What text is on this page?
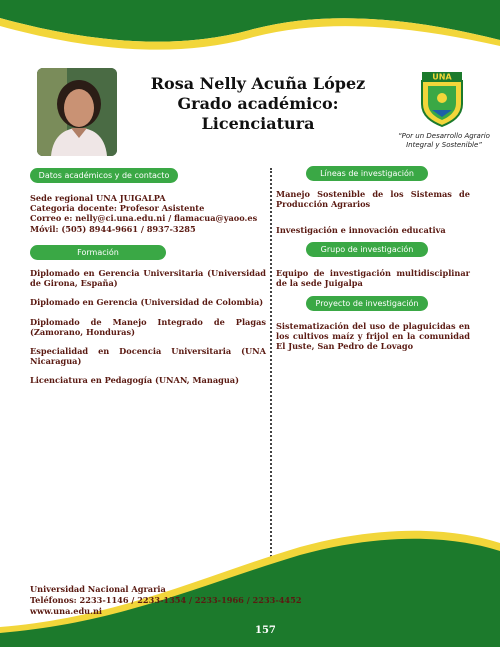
Rosa Nelly Acuña López
Grado académico: Licenciatura
UNA
“Por un Desarrollo Agrario
Integral y Sostenible”
Datos académicos y de contacto

Sede regional UNA JUIGALPA

Categoria docente: Profesor Asistente

Correo e: nelly@ci.una.edu.ni / flamacua@yaoo.es

Móvil: (505) 8944-9661 / 8937-3285

Formación

Diplomado en Gerencia Universitaria (Universidad de Girona, España)

Diplomado en Gerencia (Universidad de Colombia)

Diplomado de Manejo Integrado de Plagas (Zamorano, Honduras)

Especialidad en Docencia Universitaria (UNA Nicaragua)

Licenciatura en Pedagogía (UNAN, Managua)

Líneas de investigación

Manejo Sostenible de los Sistemas de Producción Agrarios

Investigación e innovación educativa

Grupo de investigación

Equipo de investigación multidisciplinar de la sede Juigalpa

Proyecto de investigación

Sistematización del uso de plaguicidas en los cultivos maíz y frijol en la comunidad El Juste, San Pedro de Lovago

Universidad Nacional Agraria
Teléfonos: 2233-1146 / 2233-1354 / 2233-1966 / 2233-4452
www.una.edu.ni
157
